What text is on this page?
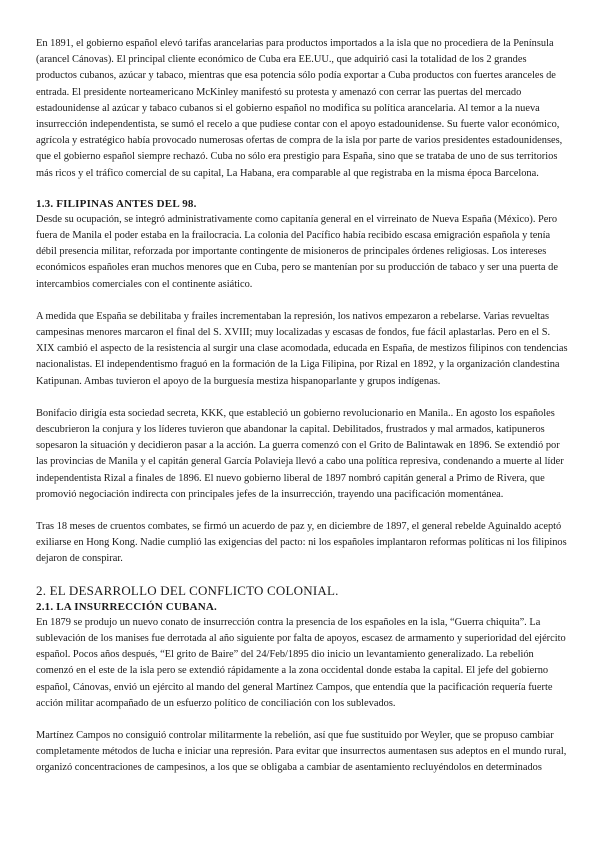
En 1891, el gobierno español elevó tarifas arancelarias para productos importados a la isla que no procediera de la Península (arancel Cánovas). El principal cliente económico de Cuba era EE.UU., que adquirió casi la totalidad de los 2 grandes productos cubanos, azúcar y tabaco, mientras que esa potencia sólo podía exportar a Cuba productos con fuertes aranceles de entrada. El presidente norteamericano McKinley manifestó su protesta y amenazó con cerrar las puertas del mercado estadounidense al azúcar y tabaco cubanos si el gobierno español no modifica su política arancelaria. Al temor a la nueva insurrección independentista, se sumó el recelo a que pudiese contar con el apoyo estadounidense. Su fuerte valor económico, agrícola y estratégico había provocado numerosas ofertas de compra de la isla por parte de varios presidentes estadounidenses, que el gobierno español siempre rechazó. Cuba no sólo era prestigio para España, sino que se trataba de uno de sus territorios más ricos y el tráfico comercial de su capital, La Habana, era comparable al que registraba en la misma época Barcelona.

1.3. FILIPINAS ANTES DEL 98.

Desde su ocupación, se integró administrativamente como capitanía general en el virreinato de Nueva España (México). Pero fuera de Manila el poder estaba en la frailocracia. La colonia del Pacífico había recibido escasa emigración española y tenía débil presencia militar, reforzada por importante contingente de misioneros de principales órdenes religiosas. Los intereses económicos españoles eran muchos menores que en Cuba, pero se mantenían por su producción de tabaco y ser una puerta de intercambios comerciales con el continente asiático.

A medida que España se debilitaba y frailes incrementaban la represión, los nativos empezaron a rebelarse. Varias revueltas campesinas menores marcaron el final del S. XVIII; muy localizadas y escasas de fondos, fue fácil aplastarlas. Pero en el S. XIX cambió el aspecto de la resistencia al surgir una clase acomodada, educada en España, de mestizos filipinos con tendencias nacionalistas. El independentismo fraguó en la formación de la Liga Filipina, por Rizal en 1892, y la organización clandestina Katipunan. Ambas tuvieron el apoyo de la burguesía mestiza hispanoparlante y grupos indígenas.

Bonifacio dirigía esta sociedad secreta, KKK, que estableció un gobierno revolucionario en Manila.. En agosto los españoles descubrieron la conjura y los líderes tuvieron que abandonar la capital. Debilitados, frustrados y mal armados, katipuneros sopesaron la situación y decidieron pasar a la acción. La guerra comenzó con el Grito de Balintawak en 1896. Se extendió por las provincias de Manila y el capitán general García Polavieja llevó a cabo una política represiva, condenando a muerte al líder independentista Rizal a finales de 1896. El nuevo gobierno liberal de 1897 nombró capitán general a Primo de Rivera, que promovió negociación indirecta con principales jefes de la insurrección, trayendo una pacificación momentánea.

Tras 18 meses de cruentos combates, se firmó un acuerdo de paz y, en diciembre de 1897, el general rebelde Aguinaldo aceptó exiliarse en Hong Kong. Nadie cumplió las exigencias del pacto: ni los españoles implantaron reformas políticas ni los filipinos dejaron de conspirar.

2. EL DESARROLLO DEL CONFLICTO COLONIAL.
2.1. LA INSURRECCIÓN CUBANA.

En 1879 se produjo un nuevo conato de insurrección contra la presencia de los españoles en la isla, “Guerra chiquita”. La sublevación de los manises fue derrotada al año siguiente por falta de apoyos, escasez de armamento y superioridad del ejército español. Pocos años después, “El grito de Baire” del 24/Feb/1895 dio inicio un levantamiento generalizado. La rebelión comenzó en el este de la isla pero se extendió rápidamente a la zona occidental donde estaba la capital. El jefe del gobierno español, Cánovas, envió un ejército al mando del general Martínez Campos, que entendía que la pacificación requería fuerte acción militar acompañado de un esfuerzo político de conciliación con los sublevados.

Martínez Campos no consiguió controlar militarmente la rebelión, así que fue sustituido por Weyler, que se propuso cambiar completamente métodos de lucha e iniciar una represión. Para evitar que insurrectos aumentasen sus adeptos en el mundo rural, organizó concentraciones de campesinos, a los que se obligaba a cambiar de asentamiento recluyéndolos en determinados
